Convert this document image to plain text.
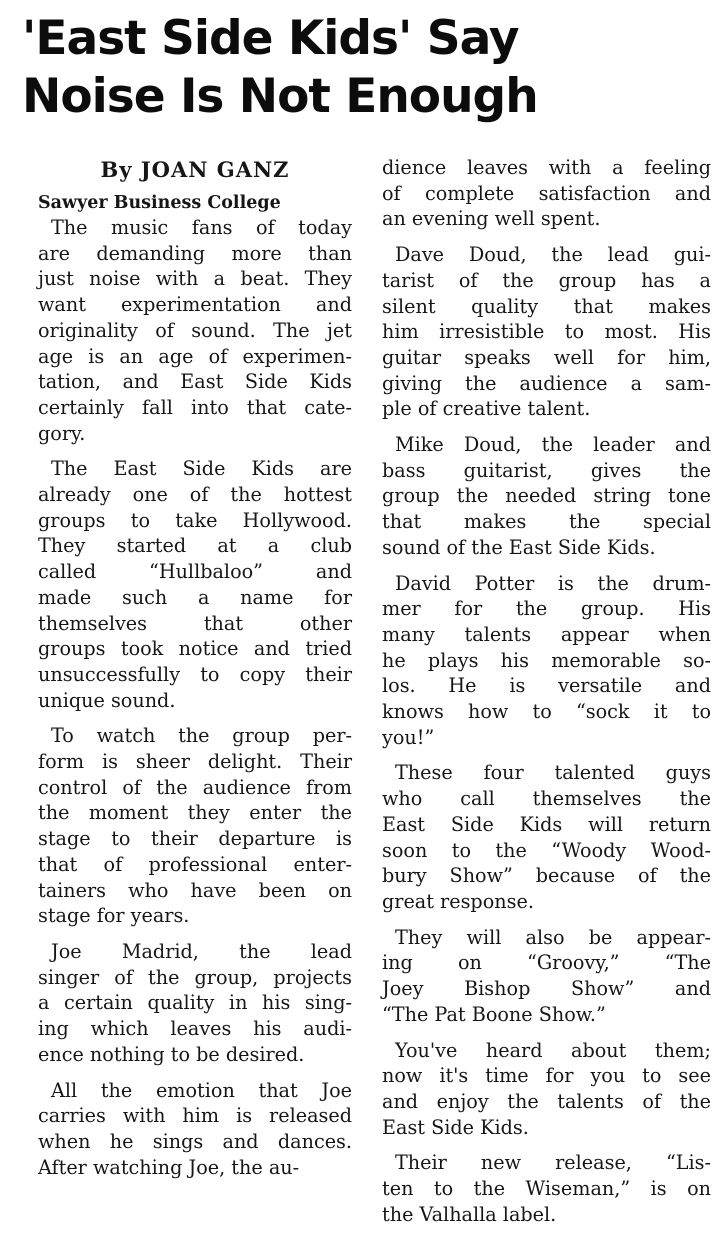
'East Side Kids' Say
Noise Is Not Enough
By JOAN GANZ
Sawyer Business College

The music fans of today
are demanding more than
just noise with a beat. They
want experimentation and
originality of sound. The jet
age is an age of experimen-
tation, and East Side Kids
certainly fall into that cate-
gory.

The East Side Kids are
already one of the hottest
groups to take Hollywood.
They started at a club
called “Hullbaloo” and
made such a name for
themselves that other
groups took notice and tried
unsuccessfully to copy their
unique sound.

To watch the group per-
form is sheer delight. Their
control of the audience from
the moment they enter the
stage to their departure is
that of professional enter-
tainers who have been on
stage for years.

Joe Madrid, the lead
singer of the group, projects
a certain quality in his sing-
ing which leaves his audi-
ence nothing to be desired.

All the emotion that Joe
carries with him is released
when he sings and dances.
After watching Joe, the au-

dience leaves with a feeling
of complete satisfaction and
an evening well spent.

Dave Doud, the lead gui-
tarist of the group has a
silent quality that makes
him irresistible to most. His
guitar speaks well for him,
giving the audience a sam-
ple of creative talent.

Mike Doud, the leader and
bass guitarist, gives the
group the needed string tone
that makes the special
sound of the East Side Kids.

David Potter is the drum-
mer for the group. His
many talents appear when
he plays his memorable so-
los. He is versatile and
knows how to “sock it to
you!”

These four talented guys
who call themselves the
East Side Kids will return
soon to the “Woody Wood-
bury Show” because of the
great response.

They will also be appear-
ing on “Groovy,” “The
Joey Bishop Show” and
“The Pat Boone Show.”

You've heard about them;
now it's time for you to see
and enjoy the talents of the
East Side Kids.

Their new release, “Lis-
ten to the Wiseman,” is on
the Valhalla label.
